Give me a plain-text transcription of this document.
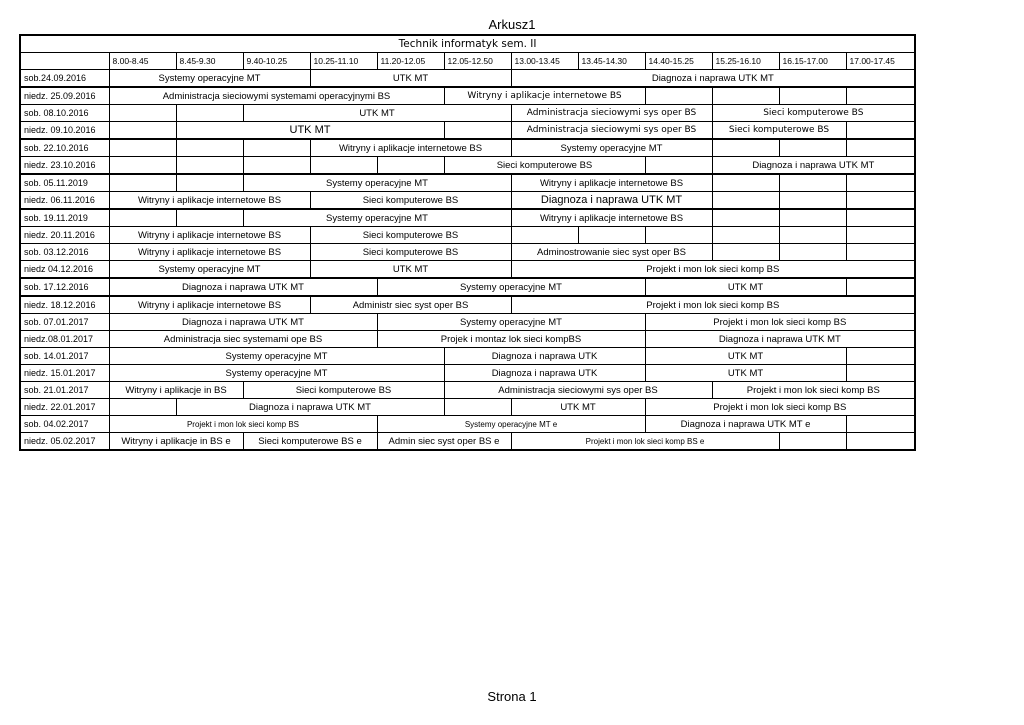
Arkusz1
Technik informatyk sem. II												
	8.00-8.45	8.45-9.30	9.40-10.25	10.25-11.10	11.20-12.05	12.05-12.50	13.00-13.45	13.45-14.30	14.40-15.25	15.25-16.10	16.15-17.00	17.00-17.45
sob.24.09.2016	Systemy operacyjne MT			UTK MT			Diagnoza i naprawa UTK MT					
niedz. 25.09.2016	Administracja sieciowymi systemami operacyjnymi BS					Witryny i aplikacje internetowe BS						
sob. 08.10.2016			UTK MT				Administracja sieciowymi sys oper BS			Sieci komputerowe BS		
niedz. 09.10.2016		UTK MT					Administracja sieciowymi sys oper BS			Sieci komputerowe BS		
sob. 22.10.2016				Witryny i aplikacje internetowe BS			Systemy operacyjne MT					
niedz. 23.10.2016						Sieci komputerowe BS				Diagnoza i naprawa UTK MT		
sob. 05.11.2019			Systemy operacyjne MT				Witryny i aplikacje internetowe BS					
niedz. 06.11.2016	Witryny i aplikacje internetowe BS			Sieci komputerowe BS			Diagnoza i naprawa UTK MT					
sob. 19.11.2019			Systemy operacyjne MT				Witryny i aplikacje internetowe BS					
niedz. 20.11.2016	Witryny i aplikacje internetowe BS			Sieci komputerowe BS								
sob. 03.12.2016	Witryny i aplikacje internetowe BS			Sieci komputerowe BS			Adminostrowanie siec syst oper BS					
niedz 04.12.2016	Systemy operacyjne MT			UTK MT			Projekt i mon lok sieci komp BS					
sob. 17.12.2016	Diagnoza i naprawa UTK MT				Systemy operacyjne MT				UTK MT			
niedz. 18.12.2016	Witryny i aplikacje internetowe BS			Administr siec syst oper BS			Projekt i mon lok sieci komp BS					
sob. 07.01.2017	Diagnoza i naprawa UTK MT				Systemy operacyjne MT				Projekt i mon lok sieci komp BS			
niedz.08.01.2017	Administracja siec systemami ope BS				Projek i montaz lok sieci kompBS				Diagnoza i naprawa UTK MT			
sob. 14.01.2017	Systemy operacyjne MT					Diagnoza i naprawa UTK			UTK MT			
niedz. 15.01.2017	Systemy operacyjne MT					Diagnoza i naprawa UTK			UTK MT			
sob. 21.01.2017	Witryny i aplikacje in BS		Sieci komputerowe BS			Administracja sieciowymi sys oper BS				Projekt i mon lok sieci komp BS		
niedz. 22.01.2017		Diagnoza i naprawa UTK MT					UTK MT		Projekt i mon lok sieci komp BS			
sob. 04.02.2017	Projekt i mon lok sieci komp BS				Systemy operacyjne MT e				Diagnoza i naprawa UTK MT e			
niedz. 05.02.2017	Witryny i aplikacje in BS e		Sieci komputerowe BS e		Admin siec syst oper BS e		Projekt i mon lok sieci komp BS e					
Strona 1
